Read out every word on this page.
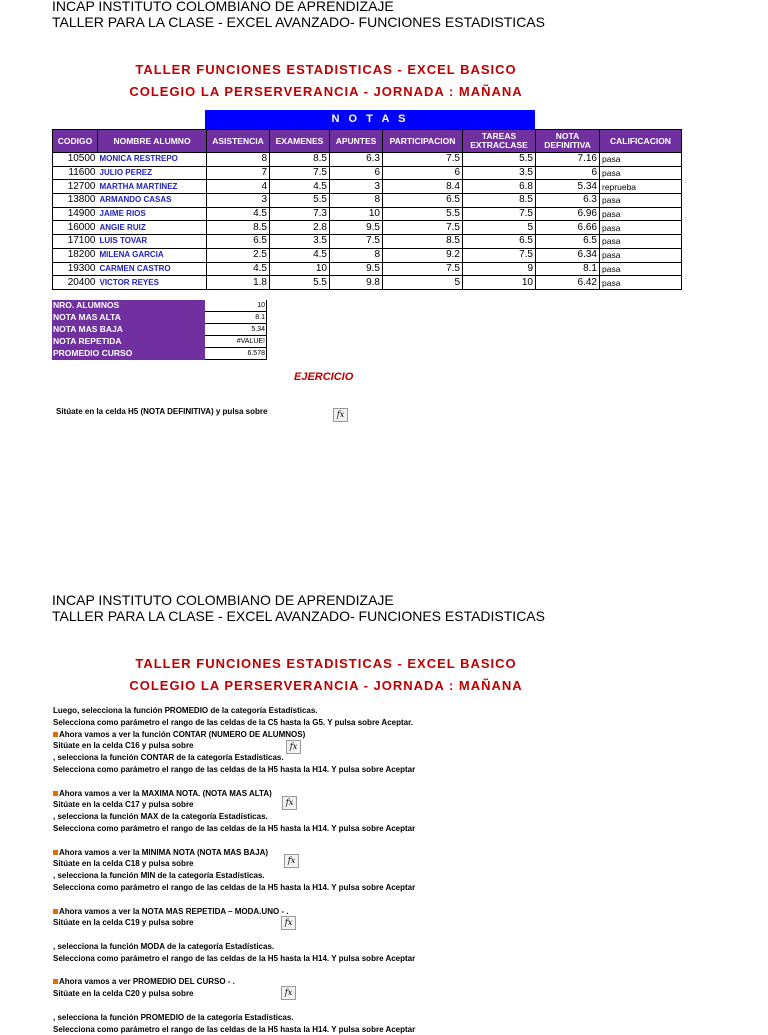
INCAP INSTITUTO COLOMBIANO DE APRENDIZAJE
TALLER PARA LA CLASE - EXCEL AVANZADO- FUNCIONES ESTADISTICAS
TALLER FUNCIONES ESTADISTICAS - EXCEL BASICO
COLEGIO LA PERSERVERANCIA - JORNADA : MAÑANA
N O T A S
CODIGO	NOMBRE ALUMNO	ASISTENCIA	EXAMENES	APUNTES	PARTICIPACION	TAREAS EXTRACLASE	NOTA DEFINITIVA	CALIFICACION
10500	MONICA RESTREPO	8	8.5	6.3	7.5	5.5	7.16	pasa
11600	JULIO PEREZ	7	7.5	6	6	3.5	6	pasa
12700	MARTHA MARTINEZ	4	4.5	3	8.4	6.8	5.34	reprueba
13800	ARMANDO CASAS	3	5.5	8	6.5	8.5	6.3	pasa
14900	JAIME RIOS	4.5	7.3	10	5.5	7.5	6.96	pasa
16000	ANGIE RUIZ	8.5	2.8	9.5	7.5	5	6.66	pasa
17100	LUIS TOVAR	6.5	3.5	7.5	8.5	6.5	6.5	pasa
18200	MILENA GARCIA	2.5	4.5	8	9.2	7.5	6.34	pasa
19300	CARMEN CASTRO	4.5	10	9.5	7.5	9	8.1	pasa
20400	VICTOR REYES	1.8	5.5	9.8	5	10	6.42	pasa
NRO. ALUMNOS	10
NOTA MAS ALTA	8.1
NOTA MAS BAJA	5.34
NOTA REPETIDA	#VALUE!
PROMEDIO CURSO	6.578
EJERCICIO
Sitúate en la celda H5 (NOTA DEFINITIVA) y pulsa sobre	fx
INCAP INSTITUTO COLOMBIANO DE APRENDIZAJE
TALLER PARA LA CLASE - EXCEL AVANZADO- FUNCIONES ESTADISTICAS
TALLER FUNCIONES ESTADISTICAS - EXCEL BASICO
COLEGIO LA PERSERVERANCIA - JORNADA : MAÑANA
Luego, selecciona la función PROMEDIO de la categoría Estadísticas.
Selecciona como parámetro el rango de las celdas de la C5 hasta la G5. Y pulsa sobre Aceptar.
Ahora vamos a ver la función CONTAR (NUMERO DE ALUMNOS)
Sitúate en la celda C16 y pulsa sobre
, selecciona la función CONTAR de la categoría Estadísticas.
Selecciona como parámetro el rango de las celdas de la H5 hasta la H14. Y pulsa sobre Aceptar
Ahora vamos a ver la MAXIMA NOTA. (NOTA MAS ALTA)
Sitúate en la celda C17 y pulsa sobre
, selecciona la función MAX de la categoría Estadísticas.
Selecciona como parámetro el rango de las celdas de la H5 hasta la H14. Y pulsa sobre Aceptar
Ahora vamos a ver la MINIMA NOTA (NOTA MAS BAJA)
Sitúate en la celda C18 y pulsa sobre
, selecciona la función MIN de la categoría Estadísticas.
Selecciona como parámetro el rango de las celdas de la H5 hasta la H14. Y pulsa sobre Aceptar
Ahora vamos a ver la NOTA MAS REPETIDA – MODA.UNO - .
Sitúate en la celda C19 y pulsa sobre
, selecciona la función MODA de la categoría Estadísticas.
Selecciona como parámetro el rango de las celdas de la H5 hasta la H14. Y pulsa sobre Aceptar
Ahora vamos a ver PROMEDIO DEL CURSO - .
Sitúate en la celda C20 y pulsa sobre
, selecciona la función PROMEDIO de la categoría Estadísticas.
Selecciona como parámetro el rango de las celdas de la H5 hasta la H14. Y pulsa sobre Aceptar
fx
fx
fx
fx
fx
